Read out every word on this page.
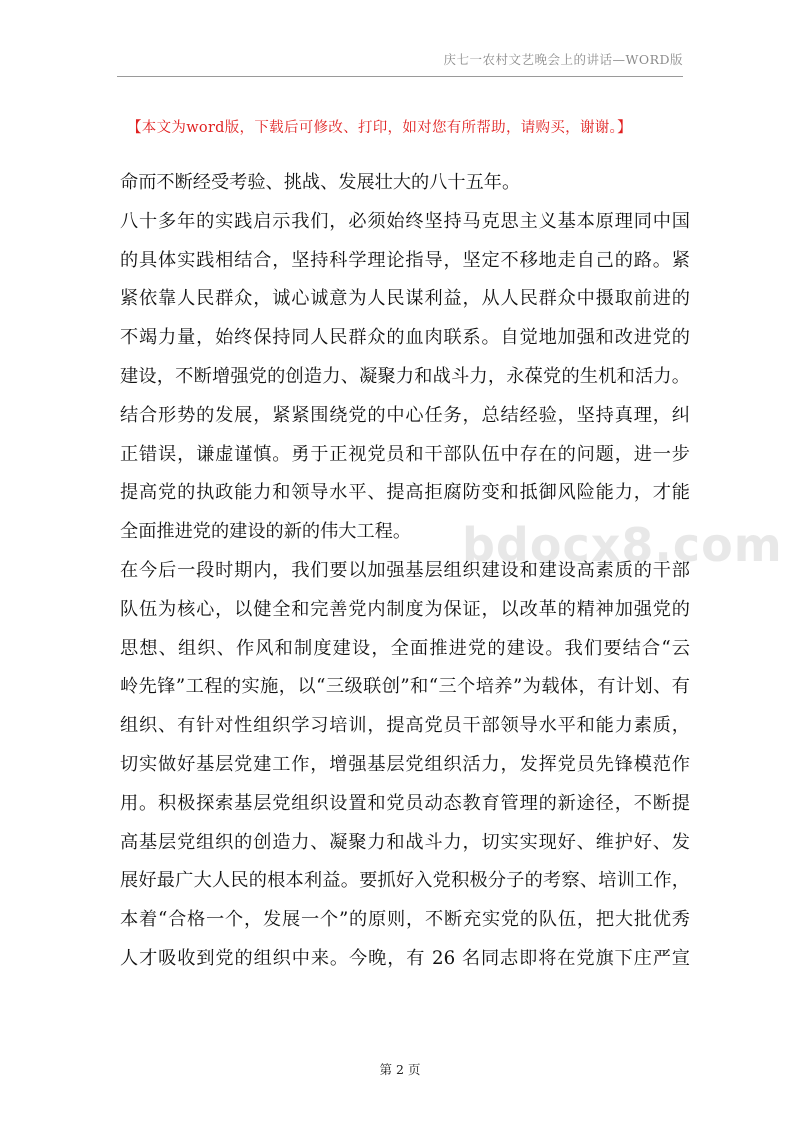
庆七一农村文艺晚会上的讲话—WORD版
【本文为word版，下载后可修改、打印，如对您有所帮助，请购买，谢谢。】
命而不断经受考验、挑战、发展壮大的八十五年。
八十多年的实践启示我们，必须始终坚持马克思主义基本原理同中国
的具体实践相结合，坚持科学理论指导，坚定不移地走自己的路。紧
紧依靠人民群众，诚心诚意为人民谋利益，从人民群众中摄取前进的
不竭力量，始终保持同人民群众的血肉联系。自觉地加强和改进党的
建设，不断增强党的创造力、凝聚力和战斗力，永葆党的生机和活力。
结合形势的发展，紧紧围绕党的中心任务，总结经验，坚持真理，纠
正错误，谦虚谨慎。勇于正视党员和干部队伍中存在的问题，进一步
提高党的执政能力和领导水平、提高拒腐防变和抵御风险能力，才能
全面推进党的建设的新的伟大工程。
在今后一段时期内，我们要以加强基层组织建设和建设高素质的干部
队伍为核心，以健全和完善党内制度为保证，以改革的精神加强党的
思想、组织、作风和制度建设，全面推进党的建设。我们要结合“云
岭先锋”工程的实施，以“三级联创”和“三个培养”为载体，有计划、有
组织、有针对性组织学习培训，提高党员干部领导水平和能力素质，
切实做好基层党建工作，增强基层党组织活力，发挥党员先锋模范作
用。积极探索基层党组织设置和党员动态教育管理的新途径，不断提
高基层党组织的创造力、凝聚力和战斗力，切实实现好、维护好、发
展好最广大人民的根本利益。要抓好入党积极分子的考察、培训工作，
本着“合格一个，发展一个”的原则，不断充实党的队伍，把大批优秀
人才吸收到党的组织中来。今晚，有 26 名同志即将在党旗下庄严宣
bdocx8.com
第 2 页
